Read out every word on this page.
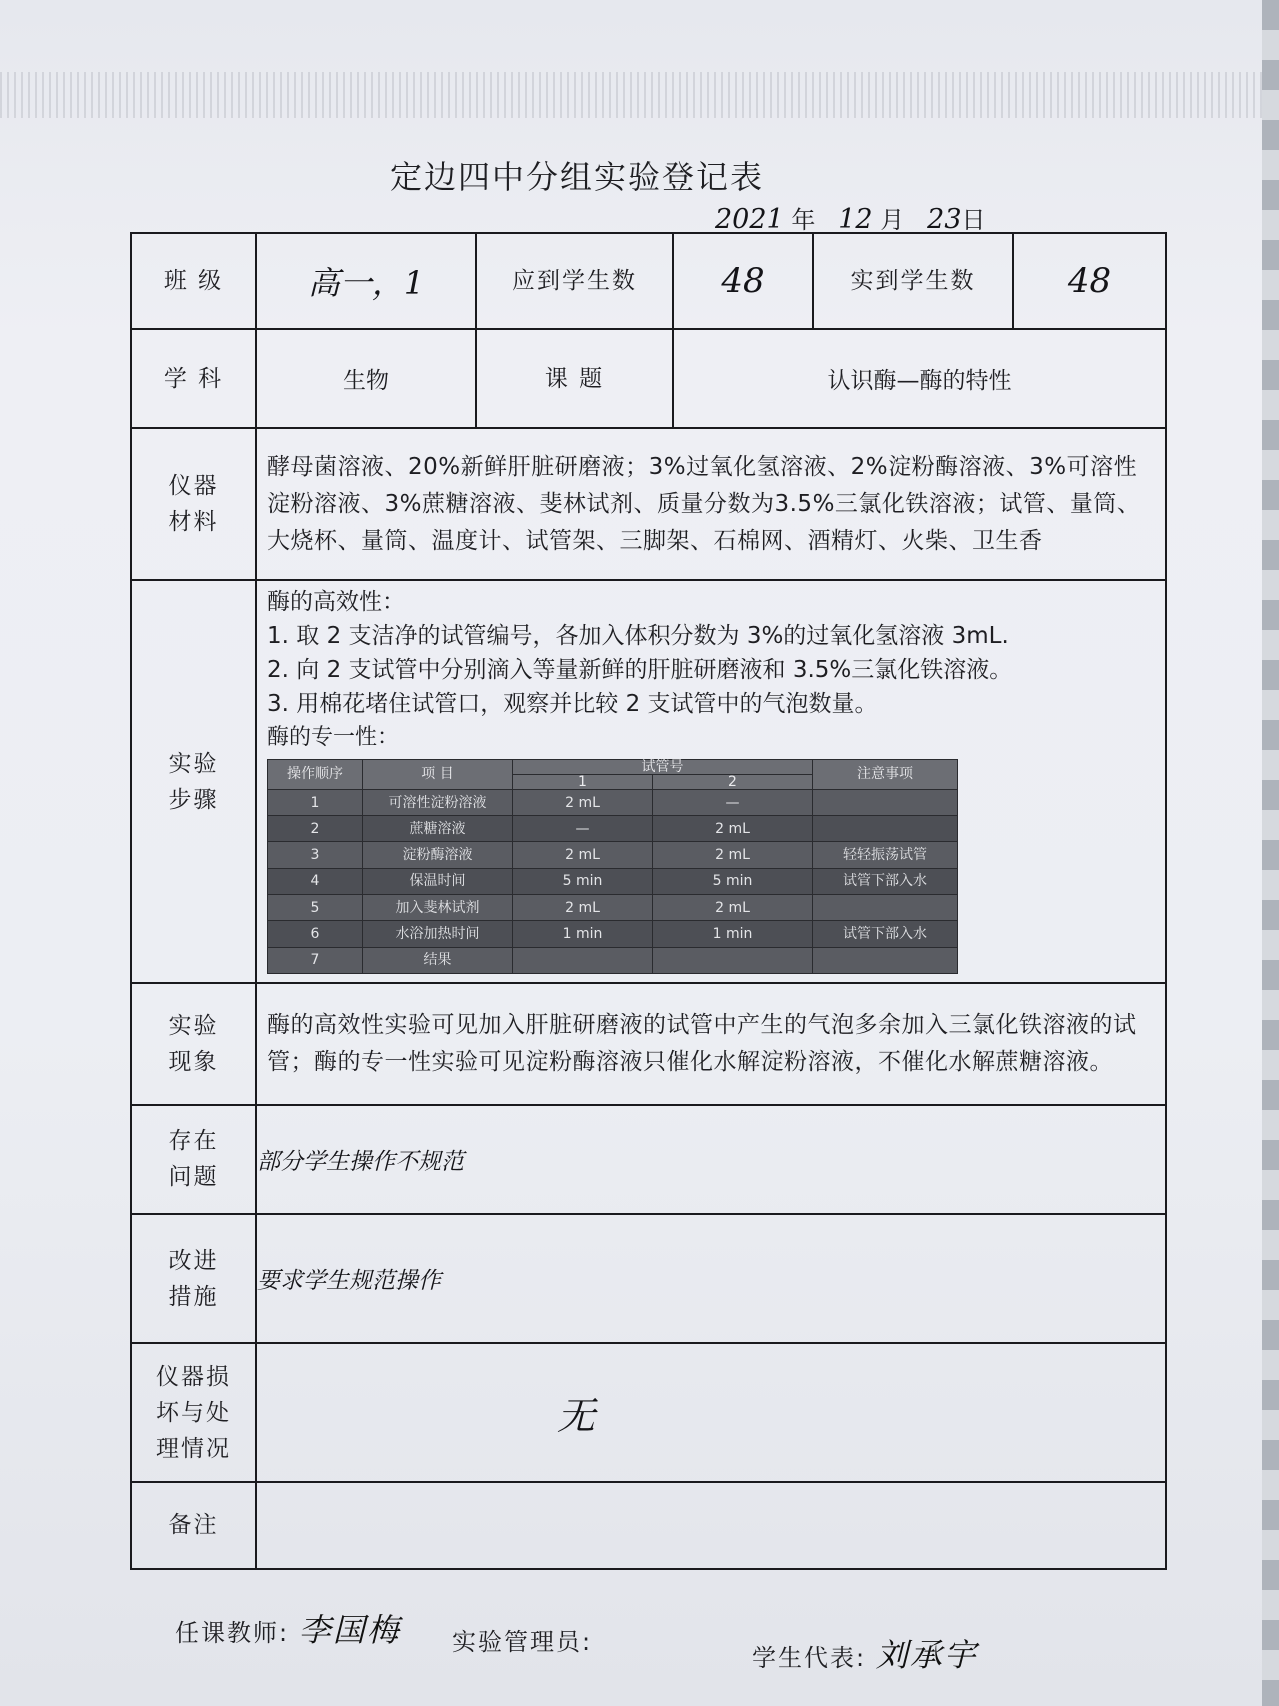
定边四中分组实验登记表
2021 年 12 月 23日
班 级	高一，1	应到学生数	48	实到学生数	48
学 科	生物	课 题	认识酶—酶的特性

仪器
材料
	酵母菌溶液、20%新鲜肝脏研磨液；3%过氧化氢溶液、2%淀粉酶溶液、3%可溶性淀粉溶液、3%蔗糖溶液、斐林试剂、质量分数为3.5%三氯化铁溶液；试管、量筒、大烧杯、量筒、温度计、试管架、三脚架、石棉网、酒精灯、火柴、卫生香

实验
步骤

酶的高效性：
1. 取 2 支洁净的试管编号，各加入体积分数为 3%的过氧化氢溶液 3mL.
2. 向 2 支试管中分别滴入等量新鲜的肝脏研磨液和 3.5%三氯化铁溶液。
3. 用棉花堵住试管口，观察并比较 2 支试管中的气泡数量。
酶的专一性：
操作顺序	项 目	试管号	注意事项
1	2
1	可溶性淀粉溶液	2 mL	—	
2	蔗糖溶液	—	2 mL	
3	淀粉酶溶液	2 mL	2 mL	轻轻振荡试管
4	保温时间	5 min	5 min	试管下部入水
5	加入斐林试剂	2 mL	2 mL	
6	水浴加热时间	1 min	1 min	试管下部入水
7	结果			

实验
现象
	酶的高效性实验可见加入肝脏研磨液的试管中产生的气泡多余加入三氯化铁溶液的试管；酶的专一性实验可见淀粉酶溶液只催化水解淀粉溶液，不催化水解蔗糖溶液。

存在
问题
	部分学生操作不规范

改进
措施
	要求学生规范操作

仪器损
坏与处
理情况
	无
备注	
任课教师: 李国梅 实验管理员:
学生代表: 刘承宇
